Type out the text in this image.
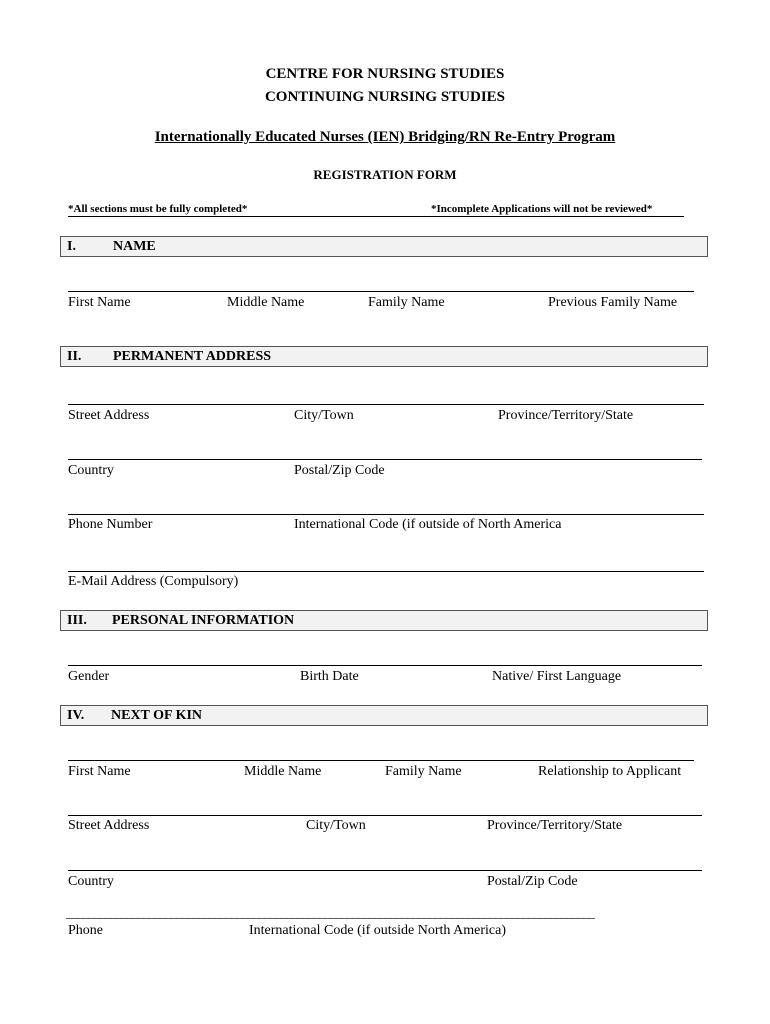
CENTRE FOR NURSING STUDIES
CONTINUING NURSING STUDIES
Internationally Educated Nurses (IEN) Bridging/RN Re-Entry Program
REGISTRATION FORM
*All sections must be fully completed*	*Incomplete Applications will not be reviewed*
I.	NAME
First Name	Middle Name	Family Name	Previous Family Name
II. PERMANENT ADDRESS
Street Address	City/Town	Province/Territory/State
Country	Postal/Zip Code
Phone Number	International Code (if outside of North America
E-Mail Address (Compulsory)
III. PERSONAL INFORMATION
Gender	Birth Date	Native/ First Language
IV. NEXT OF KIN
First Name	Middle Name	Family Name	Relationship to Applicant
Street Address	City/Town	Province/Territory/State
Country	Postal/Zip Code
________________________________________________________________________________________________
Phone	International Code (if outside North America)
